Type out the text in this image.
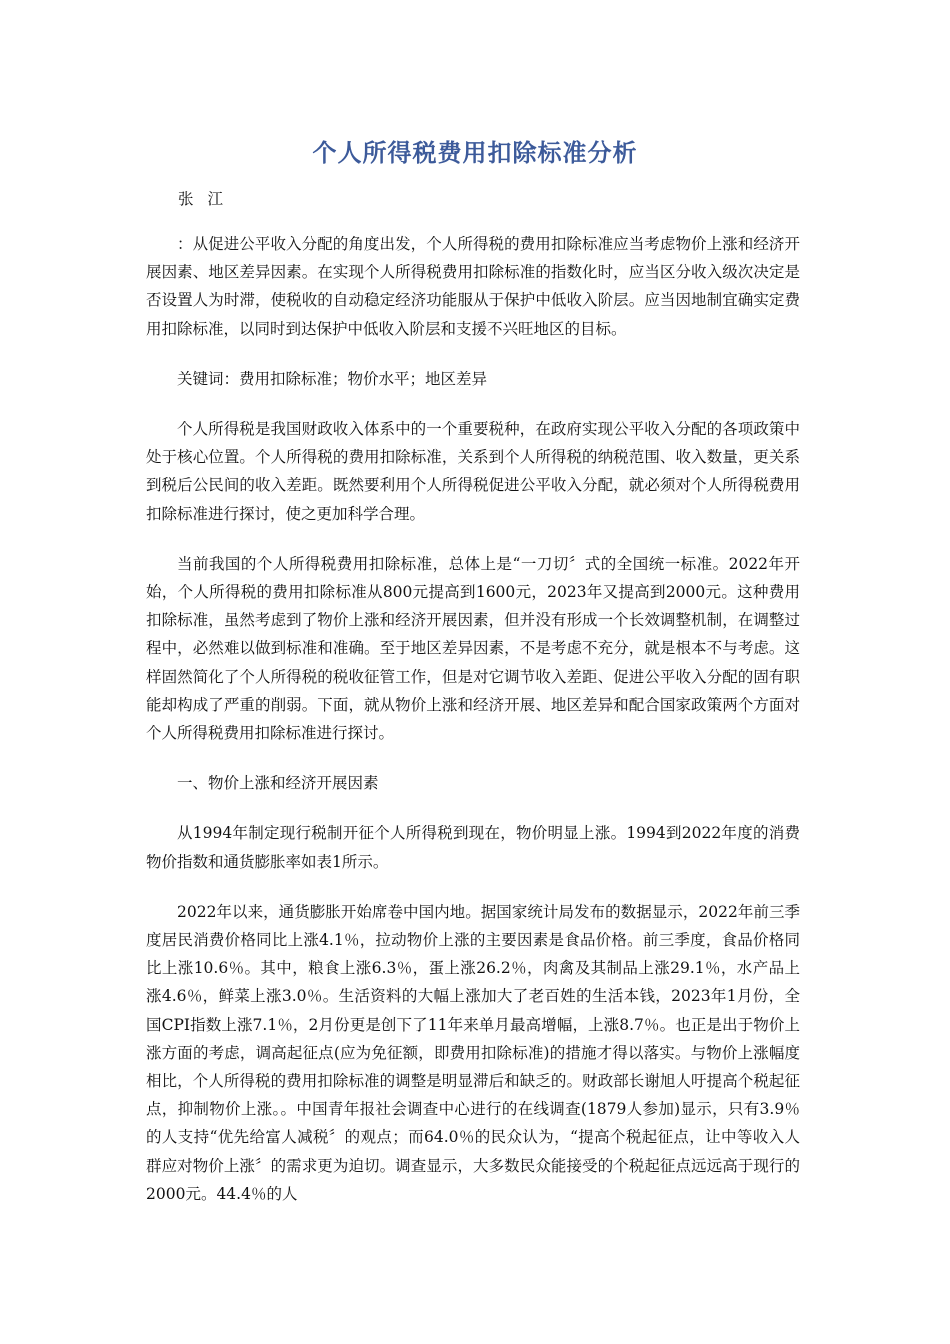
个人所得税费用扣除标准分析

张江

：从促进公平收入分配的角度出发，个人所得税的费用扣除标准应当考虑物价上涨和经济开展因素、地区差异因素。在实现个人所得税费用扣除标准的指数化时，应当区分收入级次决定是否设置人为时滞，使税收的自动稳定经济功能服从于保护中低收入阶层。应当因地制宜确实定费用扣除标准，以同时到达保护中低收入阶层和支援不兴旺地区的目标。

关键词：费用扣除标准；物价水平；地区差异

个人所得税是我国财政收入体系中的一个重要税种，在政府实现公平收入分配的各项政策中处于核心位置。个人所得税的费用扣除标准，关系到个人所得税的纳税范围、收入数量，更关系到税后公民间的收入差距。既然要利用个人所得税促进公平收入分配，就必须对个人所得税费用扣除标准进行探讨，使之更加科学合理。

当前我国的个人所得税费用扣除标准，总体上是“一刀切〞式的全国统一标准。2022年开始，个人所得税的费用扣除标准从800元提高到1600元，2023年又提高到2000元。这种费用扣除标准，虽然考虑到了物价上涨和经济开展因素，但并没有形成一个长效调整机制，在调整过程中，必然难以做到标准和准确。至于地区差异因素，不是考虑不充分，就是根本不与考虑。这样固然简化了个人所得税的税收征管工作，但是对它调节收入差距、促进公平收入分配的固有职能却构成了严重的削弱。下面，就从物价上涨和经济开展、地区差异和配合国家政策两个方面对个人所得税费用扣除标准进行探讨。

一、物价上涨和经济开展因素

从1994年制定现行税制开征个人所得税到现在，物价明显上涨。1994到2022年度的消费物价指数和通货膨胀率如表1所示。

2022年以来，通货膨胀开始席卷中国内地。据国家统计局发布的数据显示，2022年前三季度居民消费价格同比上涨4.1％，拉动物价上涨的主要因素是食品价格。前三季度，食品价格同比上涨10.6％。其中，粮食上涨6.3％，蛋上涨26.2％，肉禽及其制品上涨29.1％，水产品上涨4.6％，鲜菜上涨3.0％。生活资料的大幅上涨加大了老百姓的生活本钱，2023年1月份，全国CPI指数上涨7.1％，2月份更是创下了11年来单月最高增幅，上涨8.7％。也正是出于物价上涨方面的考虑，调高起征点(应为免征额，即费用扣除标准)的措施才得以落实。与物价上涨幅度相比，个人所得税的费用扣除标准的调整是明显滞后和缺乏的。财政部长谢旭人吁提高个税起征点，抑制物价上涨。。中国青年报社会调查中心进行的在线调查(1879人参加)显示，只有3.9％的人支持“优先给富人减税〞的观点；而64.0％的民众认为，“提高个税起征点，让中等收入人群应对物价上涨〞的需求更为迫切。调查显示，大多数民众能接受的个税起征点远远高于现行的2000元。44.4％的人
